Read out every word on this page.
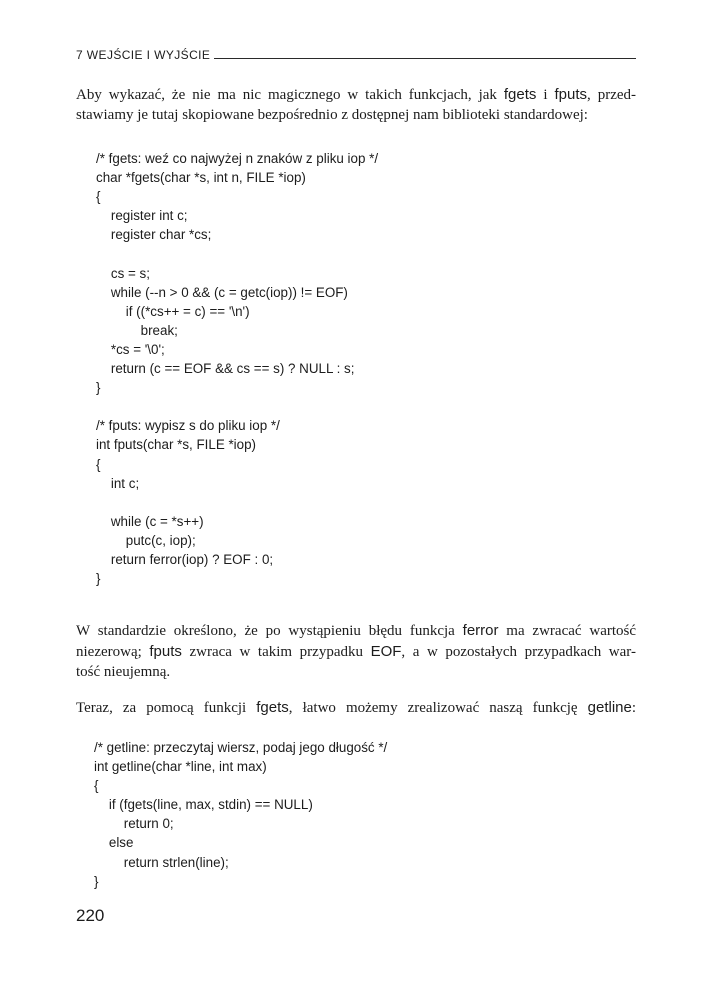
7 WEJŚCIE I WYJŚCIE

Aby wykazać, że nie ma nic magicznego w takich funkcjach, jak fgets i fputs, przed-
stawiamy je tutaj skopiowane bezpośrednio z dostępnej nam biblioteki standardowej:

/* fgets: weź co najwyżej n znaków z pliku iop */
char *fgets(char *s, int n, FILE *iop)
{
register int c;
register char *cs;
cs = s;
while (--n > 0 && (c = getc(iop)) != EOF)
if ((*cs++ = c) == '\n')
break;
*cs = '\0';
return (c == EOF && cs == s) ? NULL : s;
}
/* fputs: wypisz s do pliku iop */
int fputs(char *s, FILE *iop)
{
int c;
while (c = *s++)
putc(c, iop);
return ferror(iop) ? EOF : 0;
}

W standardzie określono, że po wystąpieniu błędu funkcja ferror ma zwracać wartość
niezerową; fputs zwraca w takim przypadku EOF, a w pozostałych przypadkach war-
tość nieujemną.

Teraz, za pomocą funkcji fgets, łatwo możemy zrealizować naszą funkcję getline:

/* getline: przeczytaj wiersz, podaj jego długość */
int getline(char *line, int max)
{
if (fgets(line, max, stdin) == NULL)
return 0;
else
return strlen(line);
}
220
